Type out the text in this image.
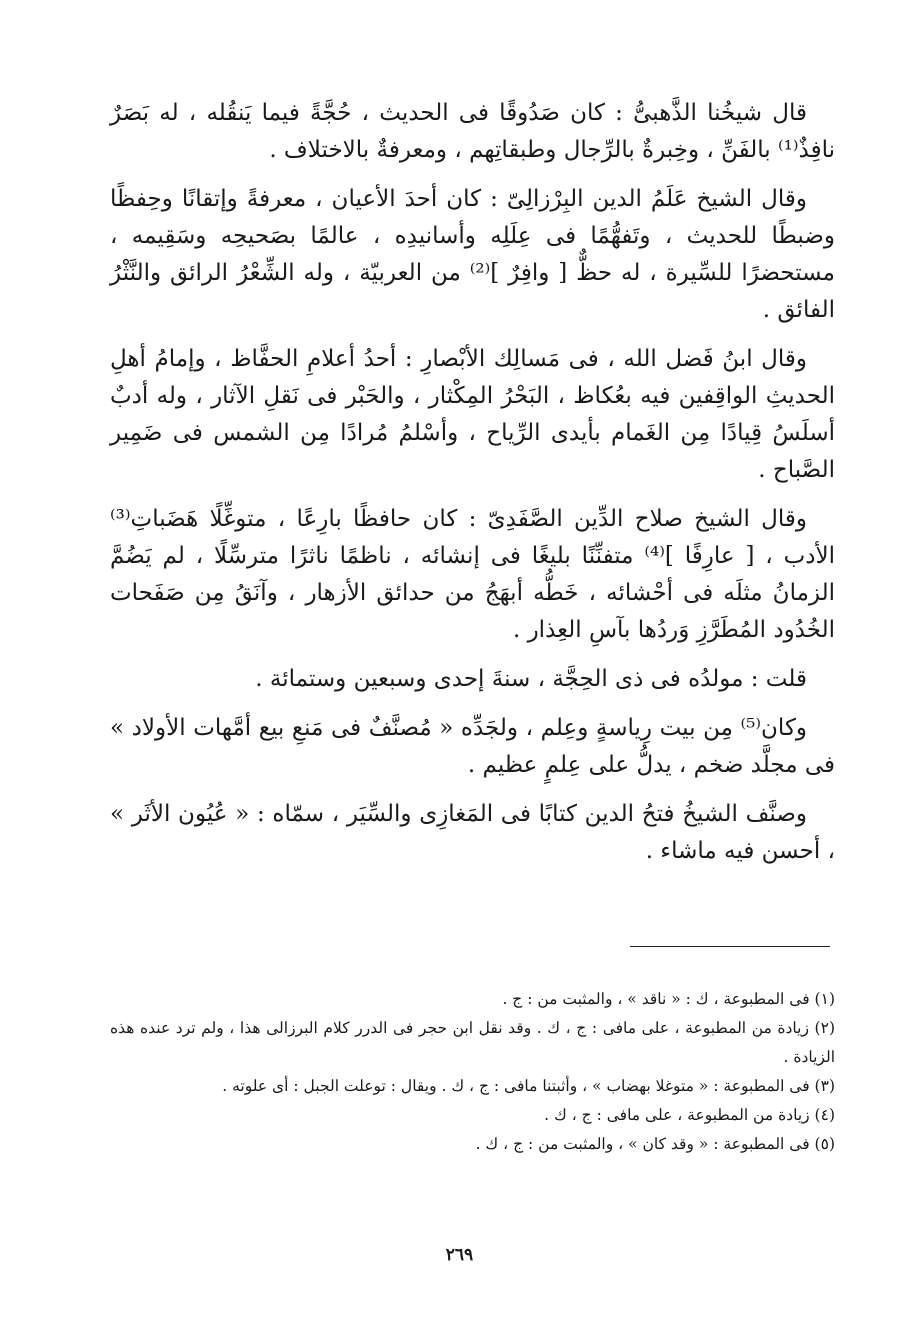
قال شيخُنا الذَّهبىُّ : كان صَدُوقًا فى الحديث ، حُجَّةً فيما يَنقُله ، له بَصَرٌ نافِذٌ⁽¹⁾ بالفَنِّ ، وخِبرةٌ بالرِّجال وطبقاتِهم ، ومعرفةٌ بالاختلاف .

وقال الشيخ عَلَمُ الدين البِرْزالِىّ : كان أحدَ الأعيان ، معرفةً وإتقانًا وحِفظًا وضبطًا للحديث ، وتَفهُّمًا فى عِلَلِه وأسانيدِه ، عالمًا بصَحيحِه وسَقِيمه ، مستحضرًا للسِّيرة ، له حظٌّ [ وافِرٌ ]⁽²⁾ من العربيّة ، وله الشِّعْرُ الرائق والنَّثْرُ الفائق .

وقال ابنُ فَضل الله ، فى مَسالِك الأبْصارِ : أحدُ أعلامِ الحفَّاظ ، وإمامُ أهلِ الحديثِ الواقِفين فيه بعُكاظ ، البَحْرُ المِكْثار ، والحَبْر فى نَقلِ الآثار ، وله أدبٌ أسلَسُ قِيادًا مِن الغَمام بأيدى الرِّياح ، وأسْلمُ مُرادًا مِن الشمس فى ضَمِير الصَّباح .

وقال الشيخ صلاح الدِّين الصَّفَدِىّ : كان حافظًا بارِعًا ، متوغِّلًا هَضَباتِ⁽³⁾ الأدب ، [ عارِفًا ]⁽⁴⁾ متفنِّنًا بليغًا فى إنشائه ، ناظمًا ناثرًا مترسِّلًا ، لم يَضُمَّ الزمانُ مثلَه فى أحْشائه ، خَطُّه أبهَجُ من حدائق الأزهار ، وآنَقُ مِن صَفَحات الخُدُود المُطَرَّزِ وَردُها بآسِ العِذار .

قلت : مولدُه فى ذى الحِجَّة ، سنةَ إحدى وسبعين وستمائة .

وكان⁽⁵⁾ مِن بيت رِياسةٍ وعِلم ، ولجَدِّه « مُصنَّفٌ فى مَنعِ بيع أمَّهات الأولاد » فى مجلَّد ضخم ، يدلُّ على عِلمٍ عظيم .

وصنَّف الشيخُ فتحُ الدين كتابًا فى المَغازِى والسِّيَر ، سمّاه : « عُيُون الأثَر » ، أحسن فيه ماشاء .

(١) فى المطبوعة ، ك : « ناقد » ، والمثبت من : ج .

(٢) زيادة من المطبوعة ، على مافى : ج ، ك . وقد نقل ابن حجر فى الدرر كلام البرزالى هذا ، ولم ترد عنده هذه الزيادة .

(٣) فى المطبوعة : « متوغلا بهضاب » ، وأثبتنا مافى : ج ، ك . ويقال : توعلت الجبل : أى علوته .

(٤) زيادة من المطبوعة ، على مافى : ج ، ك .

(٥) فى المطبوعة : « وقد كان » ، والمثبت من : ج ، ك .

٢٦٩
